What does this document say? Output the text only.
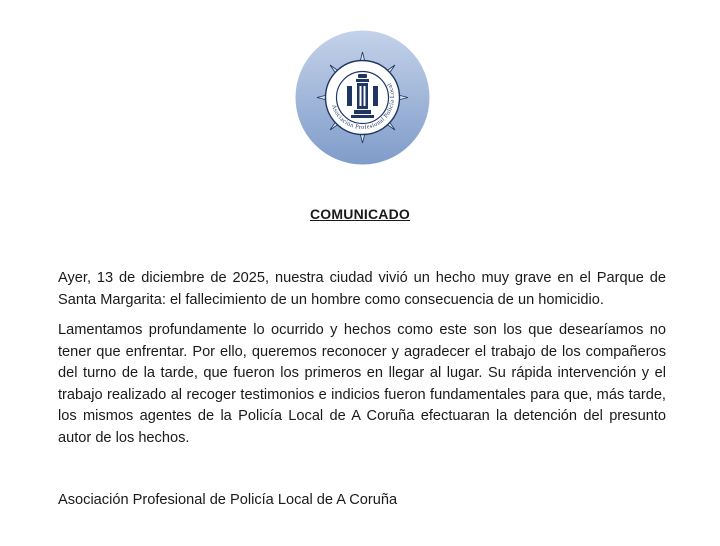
Asociación Profesional Policía Local
COMUNICADO

Ayer, 13 de diciembre de 2025, nuestra ciudad vivió un hecho muy grave en el Parque de Santa Margarita: el fallecimiento de un hombre como consecuencia de un homicidio.

Lamentamos profundamente lo ocurrido y hechos como este son los que desearíamos no tener que enfrentar. Por ello, queremos reconocer y agradecer el trabajo de los compañeros del turno de la tarde, que fueron los primeros en llegar al lugar. Su rápida intervención y el trabajo realizado al recoger testimonios e indicios fueron fundamentales para que, más tarde, los mismos agentes de la Policía Local de A Coruña efectuaran la detención del presunto autor de los hechos.

Asociación Profesional de Policía Local de A Coruña
